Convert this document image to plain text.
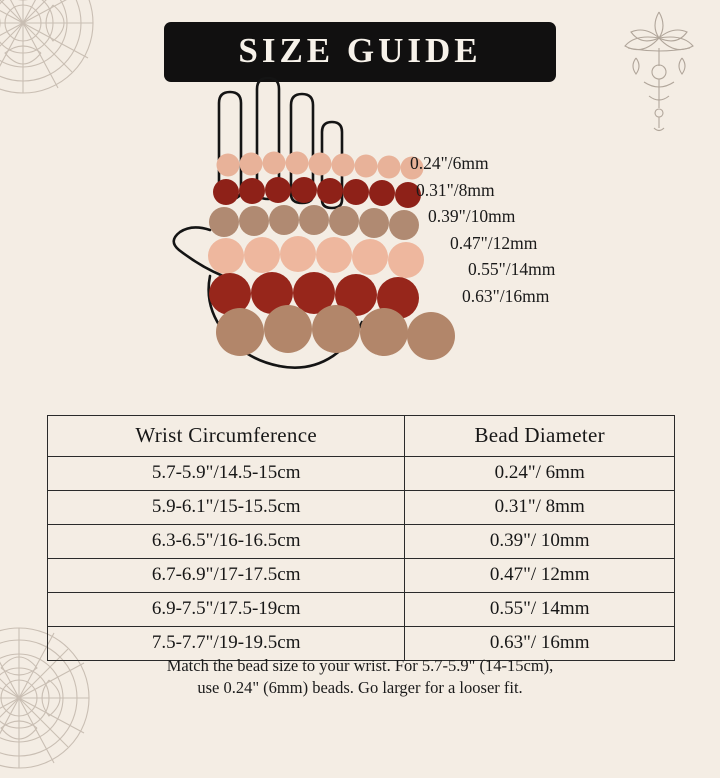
SIZE GUIDE
0.24"/6mm
0.31"/8mm
0.39"/10mm
0.47"/12mm
0.55"/14mm
0.63"/16mm
Wrist Circumference	Bead Diameter
5.7-5.9"/14.5-15cm	0.24"/ 6mm
5.9-6.1"/15-15.5cm	0.31"/ 8mm
6.3-6.5"/16-16.5cm	0.39"/ 10mm
6.7-6.9"/17-17.5cm	0.47"/ 12mm
6.9-7.5"/17.5-19cm	0.55"/ 14mm
7.5-7.7"/19-19.5cm	0.63"/ 16mm
Match the bead size to your wrist. For 5.7-5.9" (14-15cm),
use 0.24" (6mm) beads. Go larger for a looser fit.
